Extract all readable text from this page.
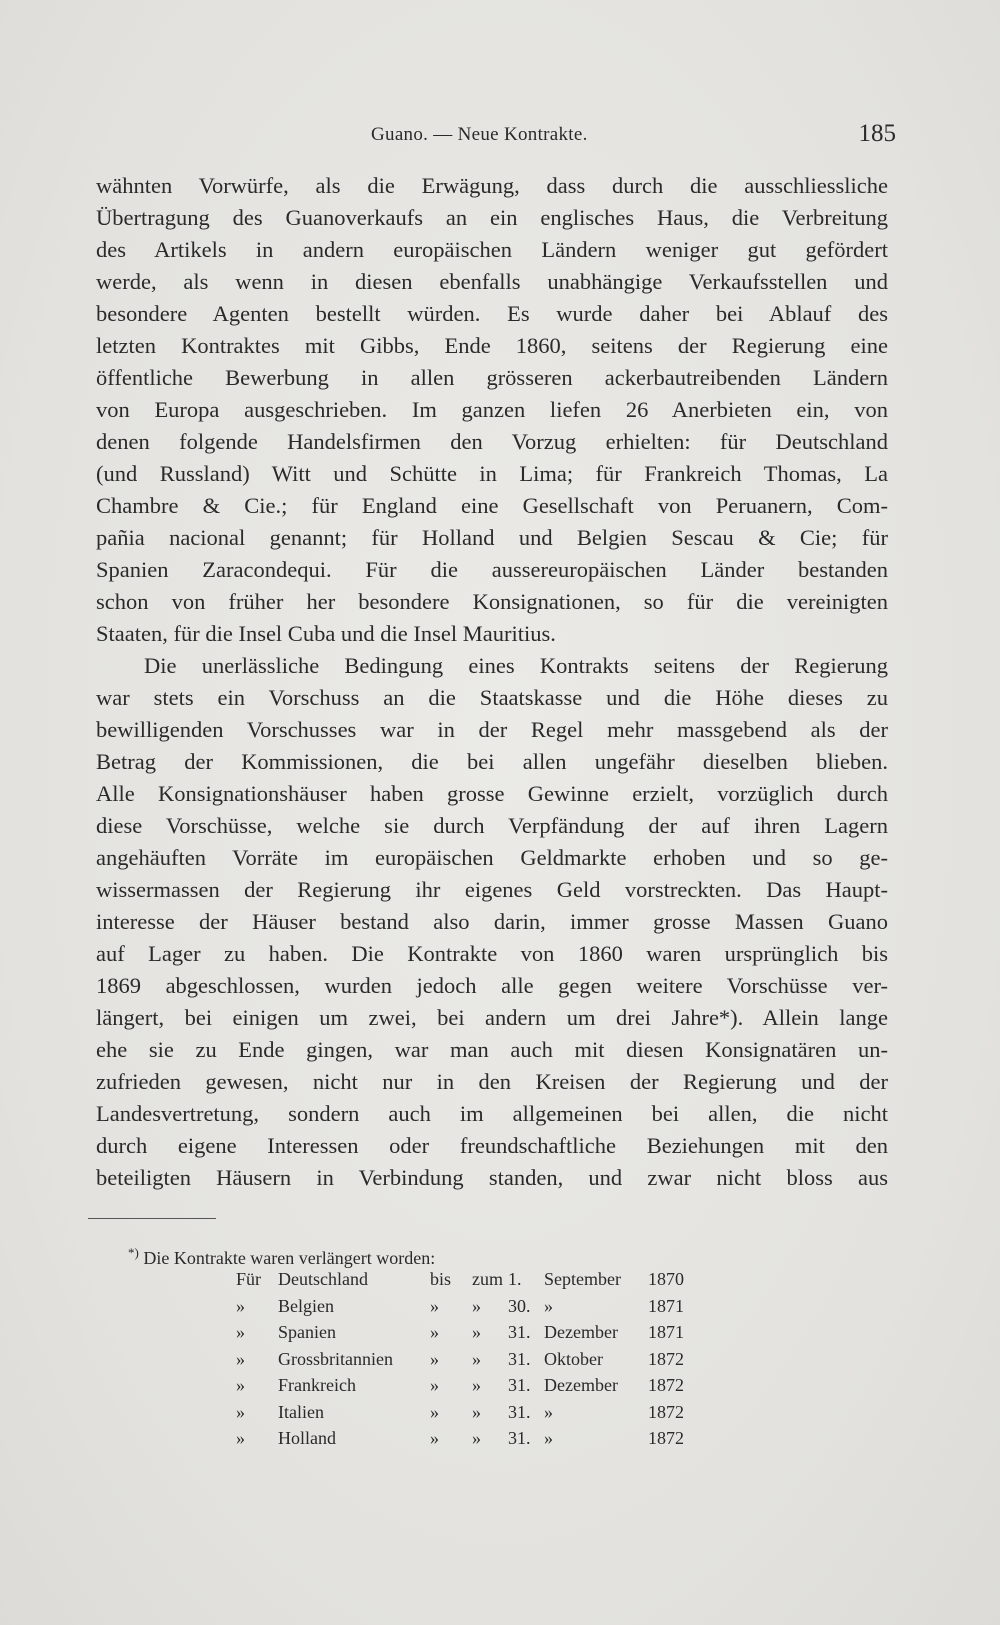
Guano. — Neue Kontrakte.	185
wähnten Vorwürfe, als die Erwägung, dass durch die ausschliessliche
Übertragung des Guanoverkaufs an ein englisches Haus, die Verbreitung
des Artikels in andern europäischen Ländern weniger gut gefördert
werde, als wenn in diesen ebenfalls unabhängige Verkaufsstellen und
besondere Agenten bestellt würden. Es wurde daher bei Ablauf des
letzten Kontraktes mit Gibbs, Ende 1860, seitens der Regierung eine
öffentliche Bewerbung in allen grösseren ackerbautreibenden Ländern
von Europa ausgeschrieben. Im ganzen liefen 26 Anerbieten ein, von
denen folgende Handelsfirmen den Vorzug erhielten: für Deutschland
(und Russland) Witt und Schütte in Lima; für Frankreich Thomas, La
Chambre & Cie.; für England eine Gesellschaft von Peruanern, Com-
pañia nacional genannt; für Holland und Belgien Sescau & Cie; für
Spanien Zaracondequi. Für die aussereuropäischen Länder bestanden
schon von früher her besondere Konsignationen, so für die vereinigten
Staaten, für die Insel Cuba und die Insel Mauritius.
Die unerlässliche Bedingung eines Kontrakts seitens der Regierung
war stets ein Vorschuss an die Staatskasse und die Höhe dieses zu
bewilligenden Vorschusses war in der Regel mehr massgebend als der
Betrag der Kommissionen, die bei allen ungefähr dieselben blieben.
Alle Konsignationshäuser haben grosse Gewinne erzielt, vorzüglich durch
diese Vorschüsse, welche sie durch Verpfändung der auf ihren Lagern
angehäuften Vorräte im europäischen Geldmarkte erhoben und so ge-
wissermassen der Regierung ihr eigenes Geld vorstreckten. Das Haupt-
interesse der Häuser bestand also darin, immer grosse Massen Guano
auf Lager zu haben. Die Kontrakte von 1860 waren ursprünglich bis
1869 abgeschlossen, wurden jedoch alle gegen weitere Vorschüsse ver-
längert, bei einigen um zwei, bei andern um drei Jahre*). Allein lange
ehe sie zu Ende gingen, war man auch mit diesen Konsignatären un-
zufrieden gewesen, nicht nur in den Kreisen der Regierung und der
Landesvertretung, sondern auch im allgemeinen bei allen, die nicht
durch eigene Interessen oder freundschaftliche Beziehungen mit den
beteiligten Häusern in Verbindung standen, und zwar nicht bloss aus
*) Die Kontrakte waren verlängert worden:
Für Deutschland	bis zum 1. September 1870
» Belgien	» » 30. »	1871
» Spanien	» » 31. Dezember 1871
» Grossbritannien » » 31. Oktober	1872
» Frankreich	» » 31. Dezember 1872
» Italien	» » 31. »	1872
» Holland	» » 31. »	1872
